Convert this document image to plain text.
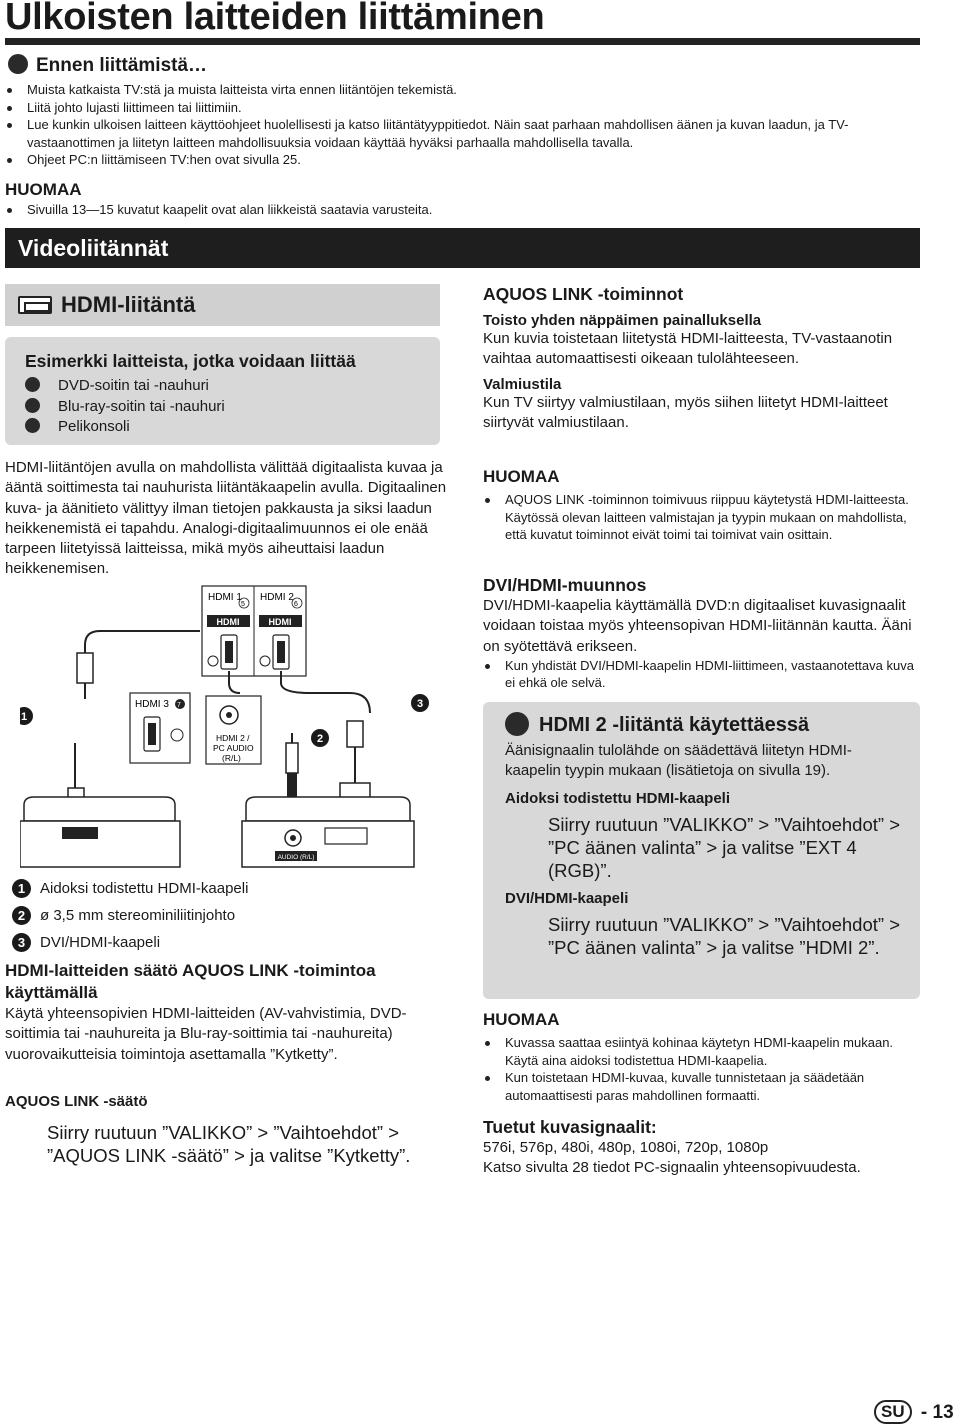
Ulkoisten laitteiden liittäminen
Ennen liittämistä…
Muista katkaista TV:stä ja muista laitteista virta ennen liitäntöjen tekemistä.
Liitä johto lujasti liittimeen tai liittimiin.
Lue kunkin ulkoisen laitteen käyttöohjeet huolellisesti ja katso liitäntätyyppitiedot. Näin saat parhaan mahdollisen äänen ja kuvan laadun, ja TV-vastaanottimen ja liitetyn laitteen mahdollisuuksia voidaan käyttää hyväksi parhaalla mahdollisella tavalla.
Ohjeet PC:n liittämiseen TV:hen ovat sivulla 25.
HUOMAA
Sivuilla 13—15 kuvatut kaapelit ovat alan liikkeistä saatavia varusteita.
Videoliitännät
HDMI-liitäntä
Esimerkki laitteista, jotka voidaan liittää
DVD-soitin tai -nauhuri
Blu-ray-soitin tai -nauhuri
Pelikonsoli
HDMI-liitäntöjen avulla on mahdollista välittää digitaalista kuvaa ja ääntä soittimesta tai nauhurista liitäntäkaapelin avulla. Digitaalinen kuva- ja äänitieto välittyy ilman tietojen pakkausta ja siksi laadun heikkenemistä ei tapahdu. Analogi-digitaalimuunnos ei ole enää tarpeen liitetyissä laitteissa, mikä myös aiheuttaisi laadun heikkenemisen.
HDMI 1
5
HDMI 2
6
HDMI	HDMI
HDMI 3 7
HDMI 2 /
PC AUDIO
(R/L)
AUDIO (R/L)
1
2
3
1 Aidoksi todistettu HDMI-kaapeli
2 ø 3,5 mm stereominiliitinjohto
3 DVI/HDMI-kaapeli
HDMI-laitteiden säätö AQUOS LINK -toimintoa käyttämällä
Käytä yhteensopivien HDMI-laitteiden (AV-vahvistimia, DVD-soittimia tai -nauhureita ja Blu-ray-soittimia tai -nauhureita) vuorovaikutteisia toimintoja asettamalla ”Kytketty”.
AQUOS LINK -säätö
Siirry ruutuun ”VALIKKO” > ”Vaihtoehdot” > ”AQUOS LINK -säätö” > ja valitse ”Kytketty”.
AQUOS LINK -toiminnot
Toisto yhden näppäimen painalluksella
Kun kuvia toistetaan liitetystä HDMI-laitteesta, TV-vastaanotin vaihtaa automaattisesti oikeaan tulolähteeseen.
Valmiustila
Kun TV siirtyy valmiustilaan, myös siihen liitetyt HDMI-laitteet siirtyvät valmiustilaan.
HUOMAA
AQUOS LINK -toiminnon toimivuus riippuu käytetystä HDMI-laitteesta. Käytössä olevan laitteen valmistajan ja tyypin mukaan on mahdollista, että kuvatut toiminnot eivät toimi tai toimivat vain osittain.
DVI/HDMI-muunnos
DVI/HDMI-kaapelia käyttämällä DVD:n digitaaliset kuvasignaalit voidaan toistaa myös yhteensopivan HDMI-liitännän kautta. Ääni on syötettävä erikseen.
Kun yhdistät DVI/HDMI-kaapelin HDMI-liittimeen, vastaanotettava kuva ei ehkä ole selvä.
HDMI 2 -liitäntä käytettäessä
Äänisignaalin tulolähde on säädettävä liitetyn HDMI-kaapelin tyypin mukaan (lisätietoja on sivulla 19).
Aidoksi todistettu HDMI-kaapeli
Siirry ruutuun ”VALIKKO” > ”Vaihtoehdot” > ”PC äänen valinta” > ja valitse ”EXT 4 (RGB)”.
DVI/HDMI-kaapeli
Siirry ruutuun ”VALIKKO” > ”Vaihtoehdot” > ”PC äänen valinta” > ja valitse ”HDMI 2”.
HUOMAA
Kuvassa saattaa esiintyä kohinaa käytetyn HDMI-kaapelin mukaan. Käytä aina aidoksi todistettua HDMI-kaapelia.
Kun toistetaan HDMI-kuvaa, kuvalle tunnistetaan ja säädetään automaattisesti paras mahdollinen formaatti.
Tuetut kuvasignaalit:
576i, 576p, 480i, 480p, 1080i, 720p, 1080p
Katso sivulta 28 tiedot PC-signaalin yhteensopivuudesta.
SU - 13
